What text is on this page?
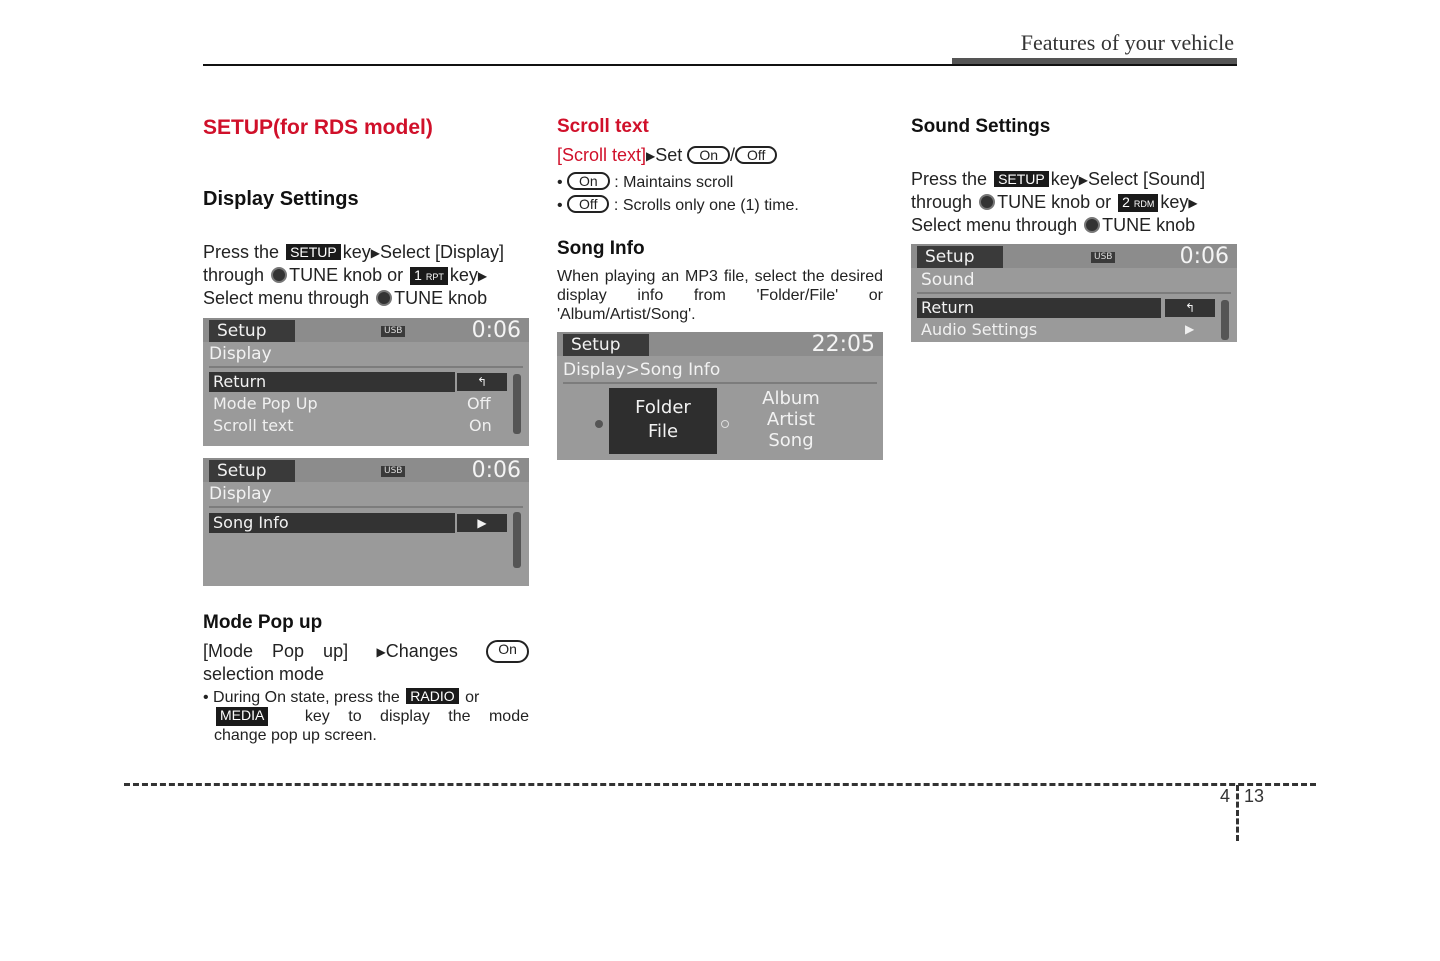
Features of your vehicle
SETUP(for RDS model)
Display Settings
Press the SETUP key▶Select [Display]
through TUNE knob or 1 RPT key▶
Select menu through TUNE knob
Setup	USB	0:06
Display
Return	↰
Mode Pop Up	Off
Scroll text	On
Setup	USB	0:06
Display
Song Info	▶
Mode Pop up
[Mode Pop up] ▶Changes	On
selection mode
• During On state, press the RADIO or
MEDIA	key to display the mode
change pop up screen.
Scroll text
[Scroll text]▶Set On / Off
• On : Maintains scroll
• Off : Scrolls only one (1) time.
Song Info
When playing an MP3 file, select the desired display info from 'Folder/File' or 'Album/Artist/Song'.
Setup	22:05
Display>Song Info
Folder
File
Album
Artist
Song
Sound Settings
Press the SETUP key▶Select [Sound]
through TUNE knob or 2 RDM key▶
Select menu through TUNE knob
Setup	USB	0:06
Sound
Return	↰
Audio Settings	▶
4 13
